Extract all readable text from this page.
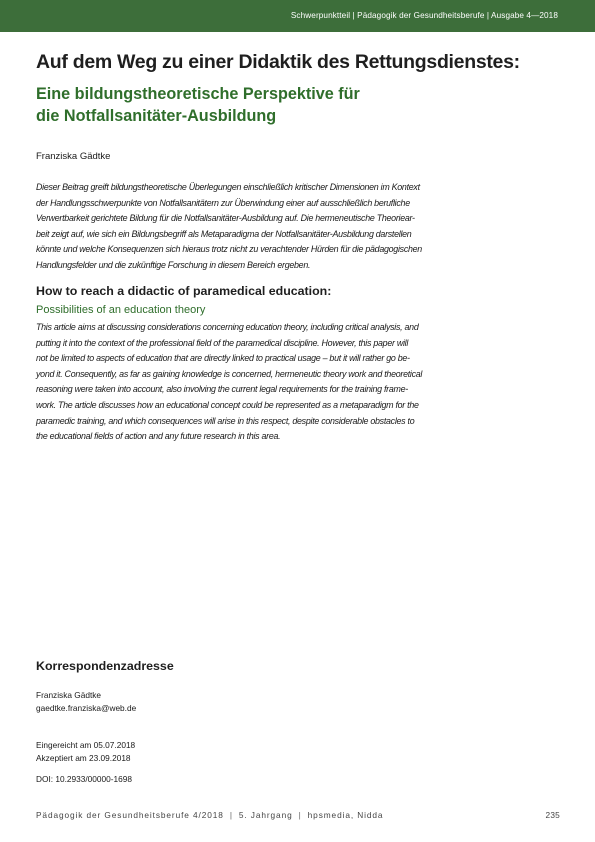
Schwerpunktteil | Pädagogik der Gesundheitsberufe | Ausgabe 4—2018
Auf dem Weg zu einer Didaktik des Rettungsdienstes:
Eine bildungstheoretische Perspektive für
die Notfallsanitäter-Ausbildung
Franziska Gädtke
Dieser Beitrag greift bildungstheoretische Überlegungen einschließlich kritischer Dimensionen im Kontext
der Handlungsschwerpunkte von Notfallsanitätern zur Überwindung einer auf ausschließlich berufliche
Verwertbarkeit gerichtete Bildung für die Notfallsanitäter-Ausbildung auf. Die hermeneutische Theoriear-
beit zeigt auf, wie sich ein Bildungsbegriff als Metaparadigma der Notfallsanitäter-Ausbildung darstellen
könnte und welche Konsequenzen sich hieraus trotz nicht zu verachtender Hürden für die pädagogischen
Handlungsfelder und die zukünftige Forschung in diesem Bereich ergeben.
How to reach a didactic of paramedical education:
Possibilities of an education theory
This article aims at discussing considerations concerning education theory, including critical analysis, and
putting it into the context of the professional field of the paramedical discipline. However, this paper will
not be limited to aspects of education that are directly linked to practical usage – but it will rather go be-
yond it. Consequently, as far as gaining knowledge is concerned, hermeneutic theory work and theoretical
reasoning were taken into account, also involving the current legal requirements for the training frame-
work. The article discusses how an educational concept could be represented as a metaparadigm for the
paramedic training, and which consequences will arise in this respect, despite considerable obstacles to
the educational fields of action and any future research in this area.
Korrespondenzadresse
Franziska Gädtke
gaedtke.franziska@web.de
Eingereicht am 05.07.2018
Akzeptiert am 23.09.2018
DOI: 10.2933/00000-1698
Pädagogik der Gesundheitsberufe 4/2018 | 5. Jahrgang | hpsmedia, Nidda	235
